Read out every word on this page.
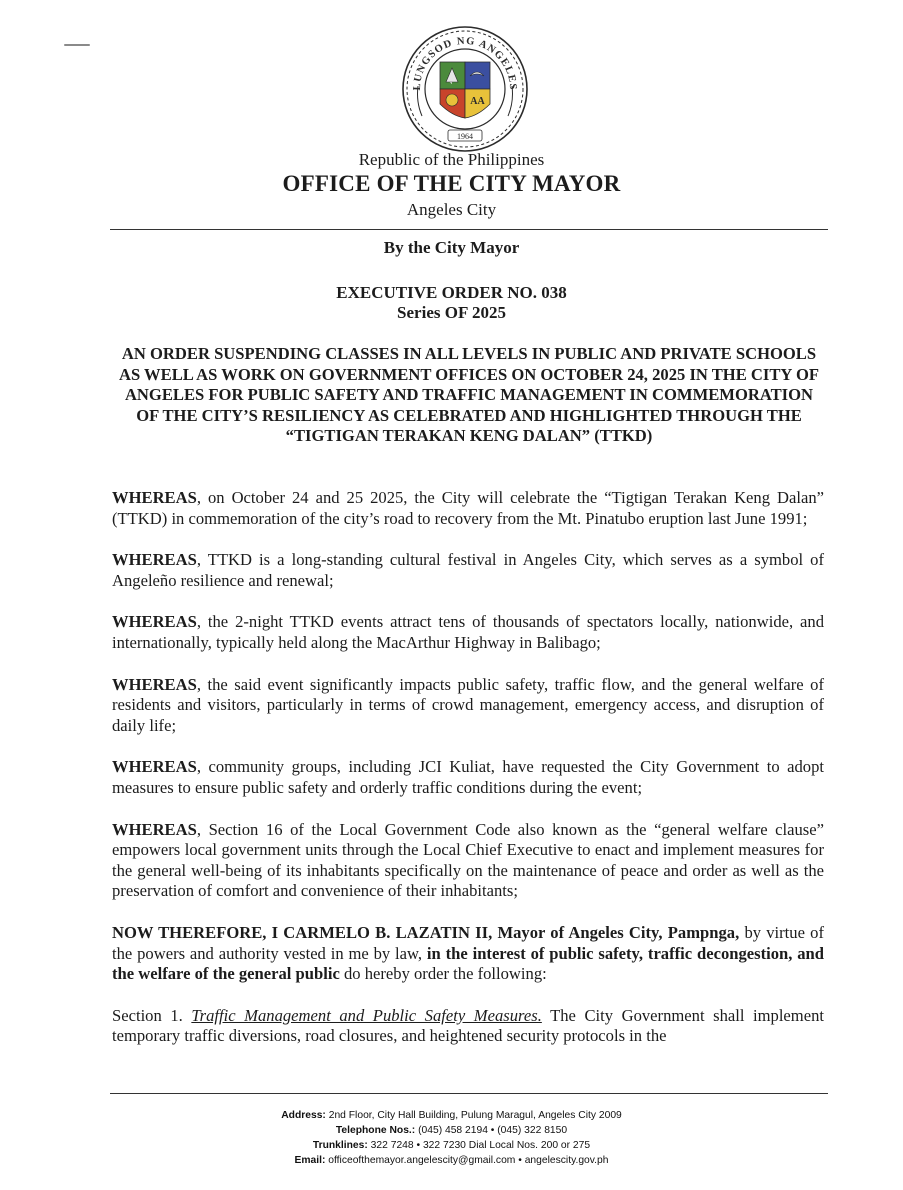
LUNGSOD NG ANGELES
AA
1964
Republic of the Philippines
OFFICE OF THE CITY MAYOR
Angeles City
By the City Mayor
EXECUTIVE ORDER NO. 038
Series OF 2025
AN ORDER SUSPENDING CLASSES IN ALL LEVELS IN PUBLIC AND PRIVATE SCHOOLS AS WELL AS WORK ON GOVERNMENT OFFICES ON OCTOBER 24, 2025 IN THE CITY OF ANGELES FOR PUBLIC SAFETY AND TRAFFIC MANAGEMENT IN COMMEMORATION OF THE CITY’S RESILIENCY AS CELEBRATED AND HIGHLIGHTED THROUGH THE “TIGTIGAN TERAKAN KENG DALAN” (TTKD)

WHEREAS, on October 24 and 25 2025, the City will celebrate the “Tigtigan Terakan Keng Dalan” (TTKD) in commemoration of the city’s road to recovery from the Mt. Pinatubo eruption last June 1991;

WHEREAS, TTKD is a long-standing cultural festival in Angeles City, which serves as a symbol of Angeleño resilience and renewal;

WHEREAS, the 2-night TTKD events attract tens of thousands of spectators locally, nationwide, and internationally, typically held along the MacArthur Highway in Balibago;

WHEREAS, the said event significantly impacts public safety, traffic flow, and the general welfare of residents and visitors, particularly in terms of crowd management, emergency access, and disruption of daily life;

WHEREAS, community groups, including JCI Kuliat, have requested the City Government to adopt measures to ensure public safety and orderly traffic conditions during the event;

WHEREAS, Section 16 of the Local Government Code also known as the “general welfare clause” empowers local government units through the Local Chief Executive to enact and implement measures for the general well-being of its inhabitants specifically on the maintenance of peace and order as well as the preservation of comfort and convenience of their inhabitants;

NOW THEREFORE, I CARMELO B. LAZATIN II, Mayor of Angeles City, Pampnga, by virtue of the powers and authority vested in me by law, in the interest of public safety, traffic decongestion, and the welfare of the general public do hereby order the following:

Section 1. Traffic Management and Public Safety Measures. The City Government shall implement temporary traffic diversions, road closures, and heightened security protocols in the

Address: 2nd Floor, City Hall Building, Pulung Maragul, Angeles City 2009
Telephone Nos.: (045) 458 2194 • (045) 322 8150
Trunklines: 322 7248 • 322 7230 Dial Local Nos. 200 or 275
Email: officeofthemayor.angelescity@gmail.com • angelescity.gov.ph
